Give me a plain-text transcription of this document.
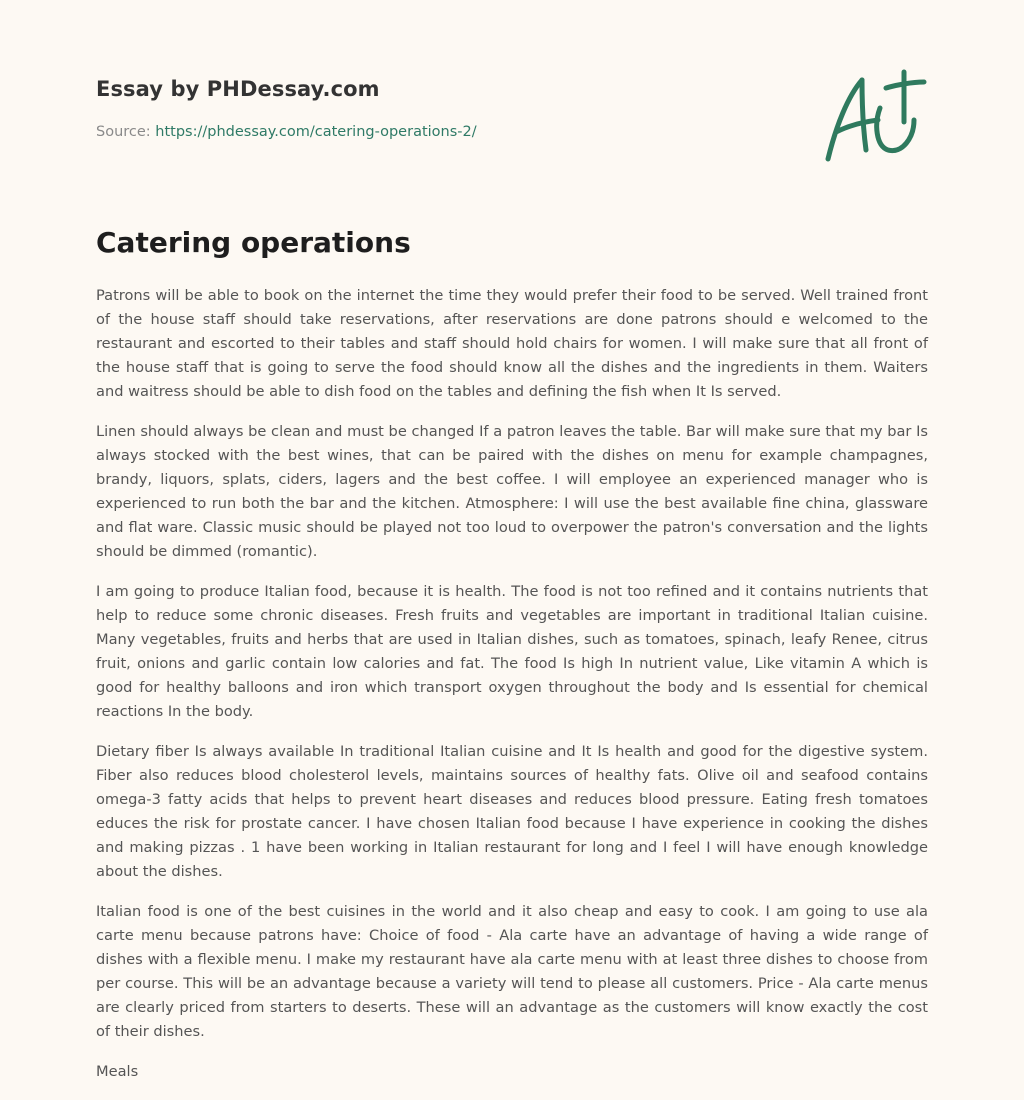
Essay by PHDessay.com
Source: https://phdessay.com/catering-operations-2/
Catering operations

Patrons will be able to book on the internet the time they would prefer their food to be served. Well trained front of the house staff should take reservations, after reservations are done patrons should e welcomed to the restaurant and escorted to their tables and staff should hold chairs for women. I will make sure that all front of the house staff that is going to serve the food should know all the dishes and the ingredients in them. Waiters and waitress should be able to dish food on the tables and defining the fish when It Is served.

Linen should always be clean and must be changed If a patron leaves the table. Bar will make sure that my bar Is always stocked with the best wines, that can be paired with the dishes on menu for example champagnes, brandy, liquors, splats, ciders, lagers and the best coffee. I will employee an experienced manager who is experienced to run both the bar and the kitchen. Atmosphere: I will use the best available fine china, glassware and flat ware. Classic music should be played not too loud to overpower the patron's conversation and the lights should be dimmed (romantic).

I am going to produce Italian food, because it is health. The food is not too refined and it contains nutrients that help to reduce some chronic diseases. Fresh fruits and vegetables are important in traditional Italian cuisine. Many vegetables, fruits and herbs that are used in Italian dishes, such as tomatoes, spinach, leafy Renee, citrus fruit, onions and garlic contain low calories and fat. The food Is high In nutrient value, Like vitamin A which is good for healthy balloons and iron which transport oxygen throughout the body and Is essential for chemical reactions In the body.

Dietary fiber Is always available In traditional Italian cuisine and It Is health and good for the digestive system. Fiber also reduces blood cholesterol levels, maintains sources of healthy fats. Olive oil and seafood contains omega-3 fatty acids that helps to prevent heart diseases and reduces blood pressure. Eating fresh tomatoes educes the risk for prostate cancer. I have chosen Italian food because I have experience in cooking the dishes and making pizzas . 1 have been working in Italian restaurant for long and I feel I will have enough knowledge about the dishes.

Italian food is one of the best cuisines in the world and it also cheap and easy to cook. I am going to use ala carte menu because patrons have: Choice of food - Ala carte have an advantage of having a wide range of dishes with a flexible menu. I make my restaurant have ala carte menu with at least three dishes to choose from per course. This will be an advantage because a variety will tend to please all customers. Price - Ala carte menus are clearly priced from starters to deserts. These will an advantage as the customers will know exactly the cost of their dishes.

Meals
